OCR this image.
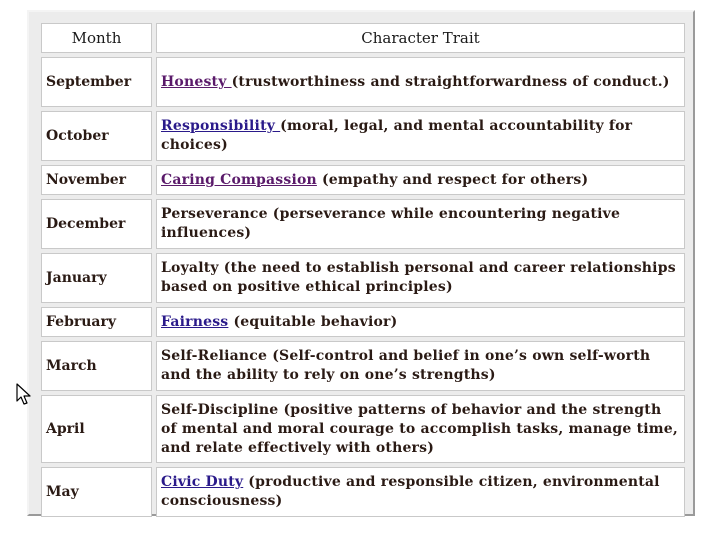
Month	Character Trait
September	Honesty (trustworthiness and straightforwardness of conduct.)
October	Responsibility (moral, legal, and mental accountability for choices)
November	Caring Compassion (empathy and respect for others)
December	Perseverance (perseverance while encountering negative influences)
January	Loyalty (the need to establish personal and career relationships based on positive ethical principles)
February	Fairness (equitable behavior)
March	Self-Reliance (Self-control and belief in one’s own self-worth and the ability to rely on one’s strengths)
April	Self-Discipline (positive patterns of behavior and the strength of mental and moral courage to accomplish tasks, manage time, and relate effectively with others)
May	Civic Duty (productive and responsible citizen, environmental consciousness)
